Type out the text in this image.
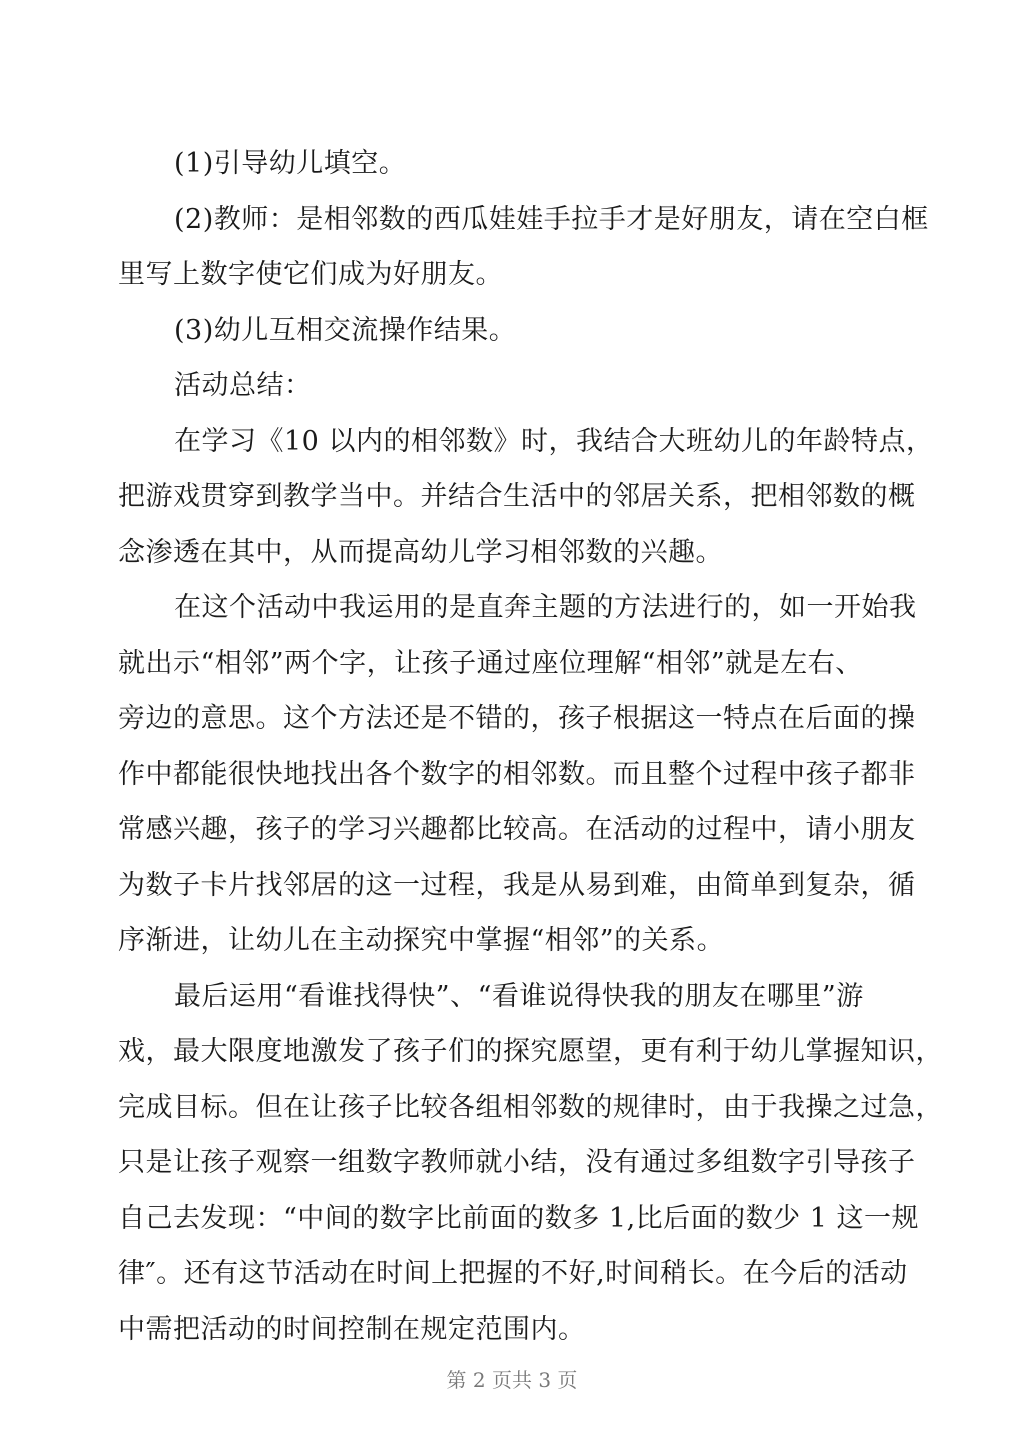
(1)引导幼儿填空。
(2)教师：是相邻数的西瓜娃娃手拉手才是好朋友，请在空白框
里写上数字使它们成为好朋友。
(3)幼儿互相交流操作结果。
活动总结：
在学习《10 以内的相邻数》时，我结合大班幼儿的年龄特点，
把游戏贯穿到教学当中。并结合生活中的邻居关系，把相邻数的概
念渗透在其中，从而提高幼儿学习相邻数的兴趣。
在这个活动中我运用的是直奔主题的方法进行的，如一开始我
就出示“相邻”两个字，让孩子通过座位理解“相邻”就是左右、
旁边的意思。这个方法还是不错的，孩子根据这一特点在后面的操
作中都能很快地找出各个数字的相邻数。而且整个过程中孩子都非
常感兴趣，孩子的学习兴趣都比较高。在活动的过程中，请小朋友
为数子卡片找邻居的这一过程，我是从易到难，由简单到复杂，循
序渐进，让幼儿在主动探究中掌握“相邻”的关系。
最后运用“看谁找得快”、“看谁说得快我的朋友在哪里”游
戏，最大限度地激发了孩子们的探究愿望，更有利于幼儿掌握知识，
完成目标。但在让孩子比较各组相邻数的规律时，由于我操之过急，
只是让孩子观察一组数字教师就小结，没有通过多组数字引导孩子
自己去发现：“中间的数字比前面的数多 1,比后面的数少 1 这一规
律″。还有这节活动在时间上把握的不好,时间稍长。在今后的活动
中需把活动的时间控制在规定范围内。
第 2 页共 3 页
